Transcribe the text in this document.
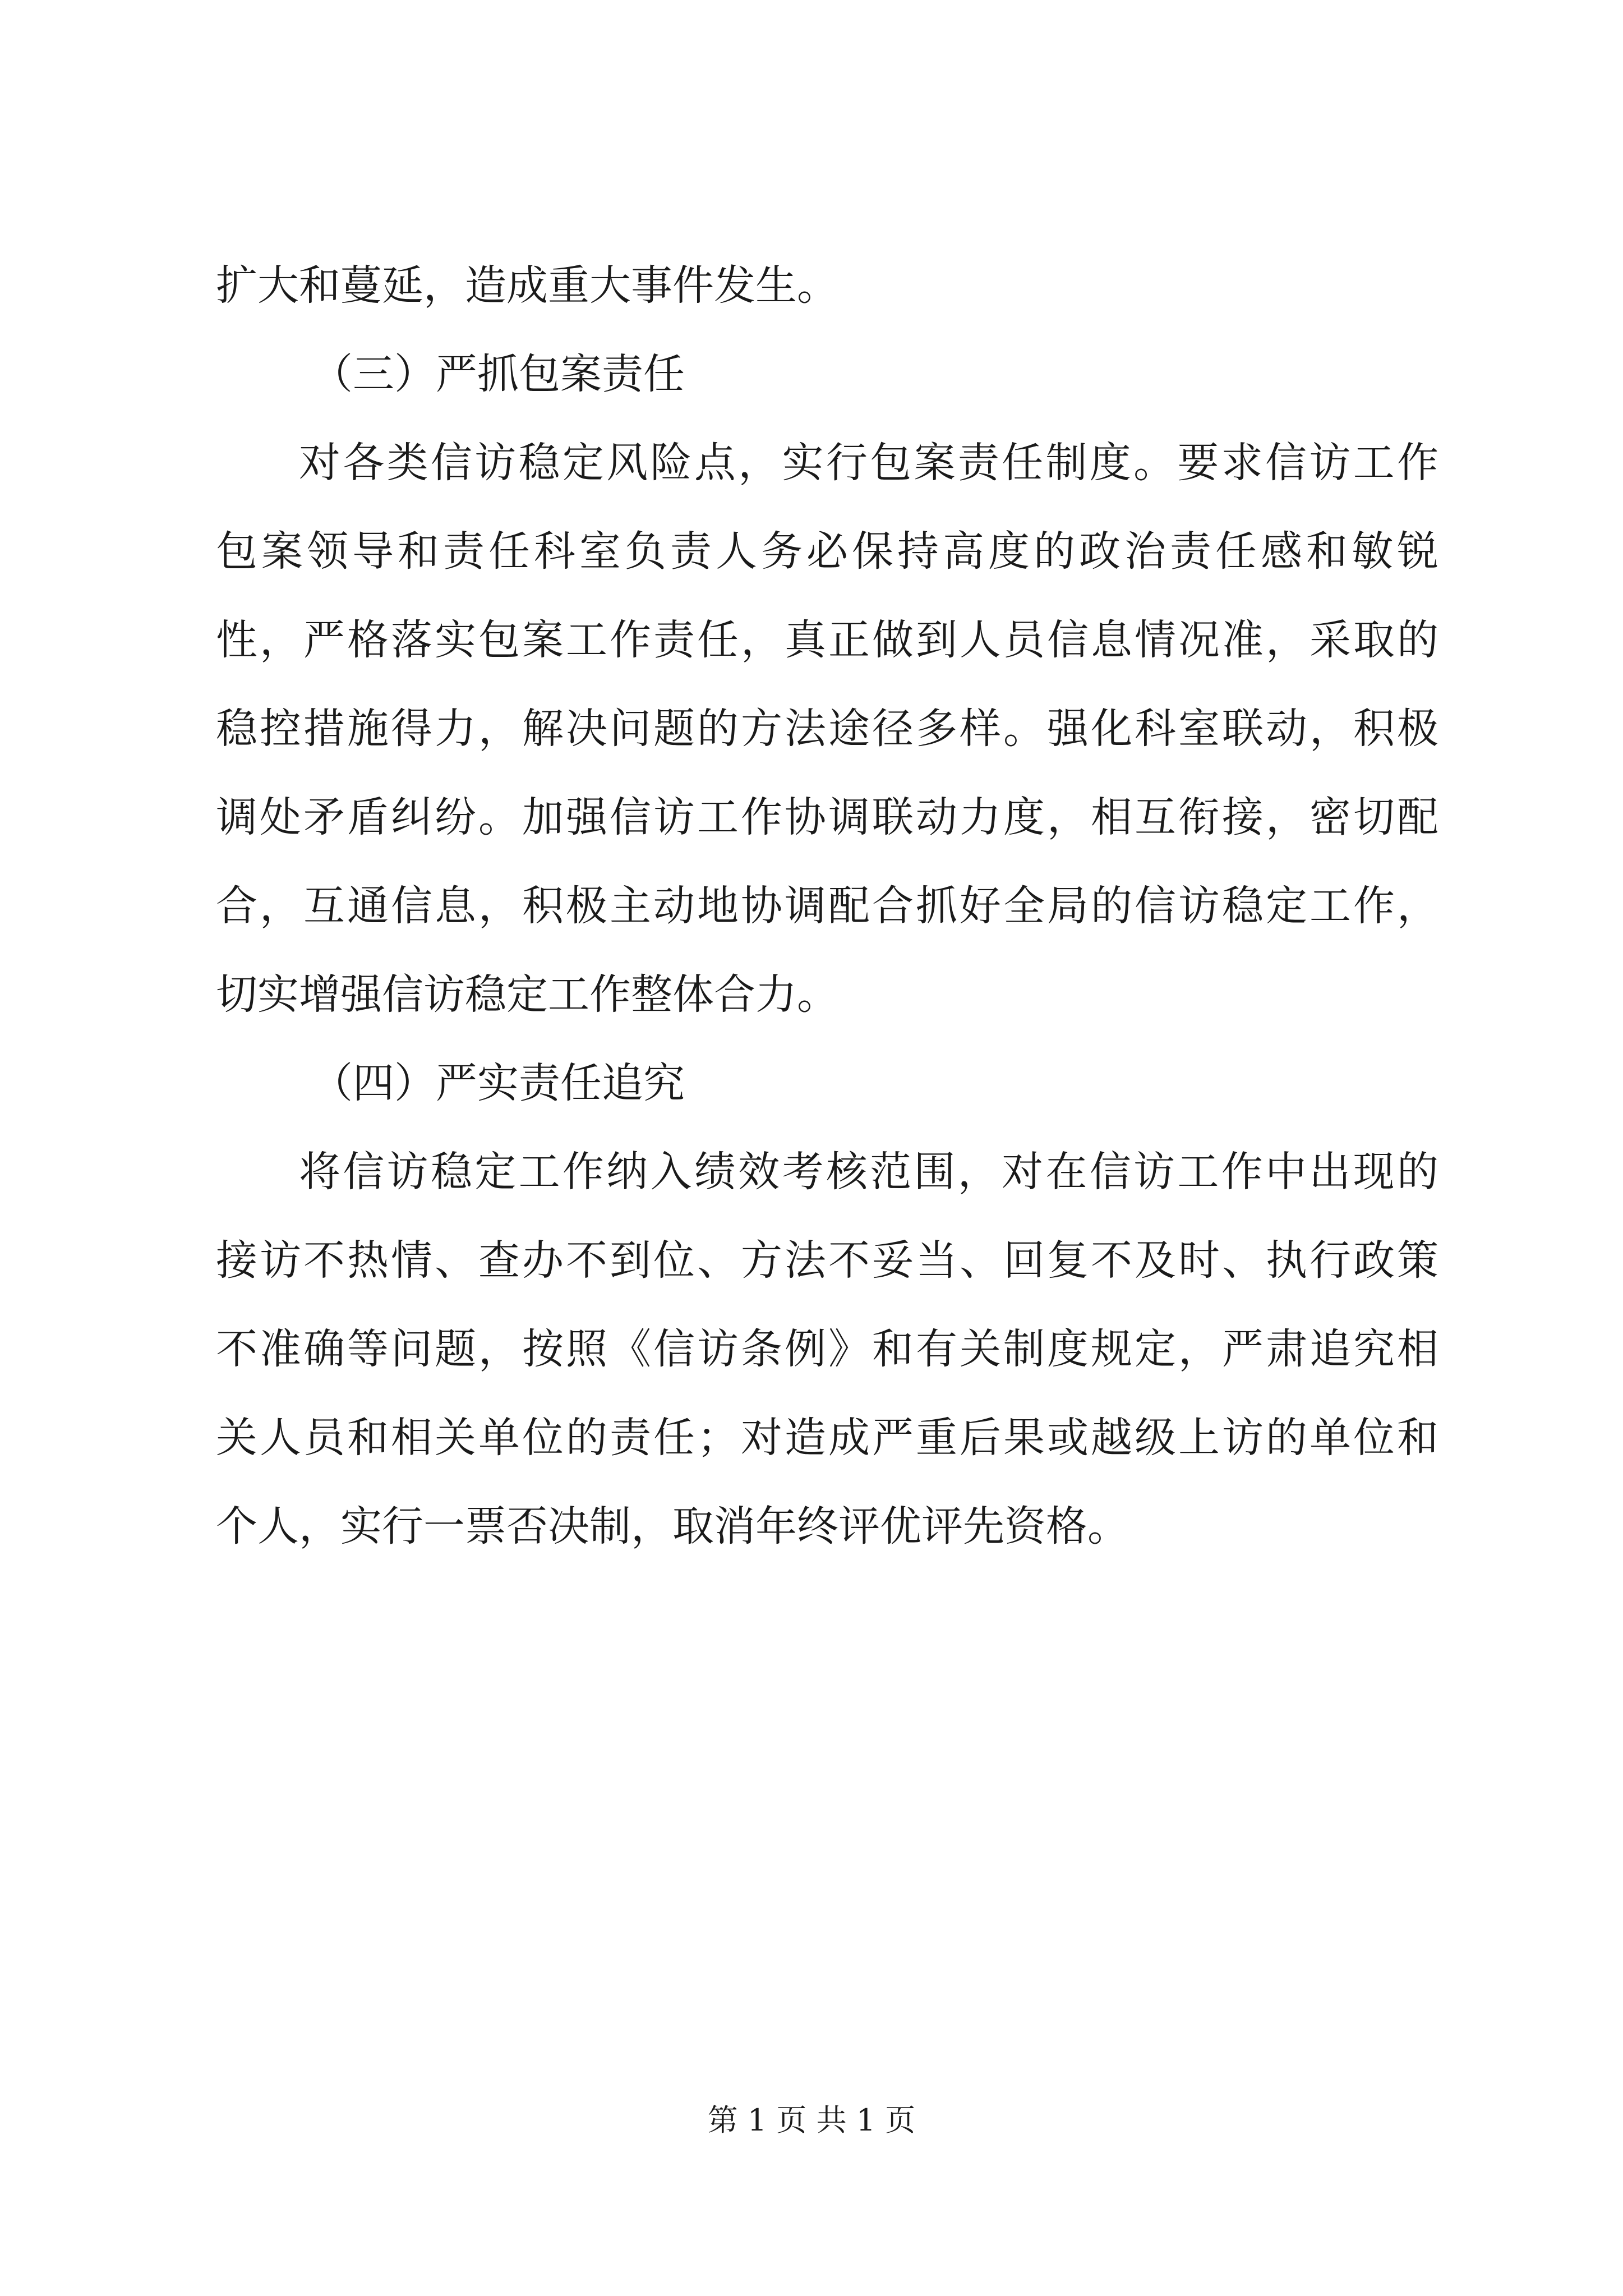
扩大和蔓延，造成重大事件发生。
（三）严抓包案责任
对各类信访稳定风险点，实行包案责任制度。要求信访工作
包案领导和责任科室负责人务必保持高度的政治责任感和敏锐
性，严格落实包案工作责任，真正做到人员信息情况准，采取的
稳控措施得力，解决问题的方法途径多样。强化科室联动，积极
调处矛盾纠纷。加强信访工作协调联动力度，相互衔接，密切配
合，互通信息，积极主动地协调配合抓好全局的信访稳定工作，
切实增强信访稳定工作整体合力。
（四）严实责任追究
将信访稳定工作纳入绩效考核范围，对在信访工作中出现的
接访不热情、查办不到位、方法不妥当、回复不及时、执行政策
不准确等问题，按照《信访条例》和有关制度规定，严肃追究相
关人员和相关单位的责任；对造成严重后果或越级上访的单位和
个人，实行一票否决制，取消年终评优评先资格。
第 1 页 共 1 页
